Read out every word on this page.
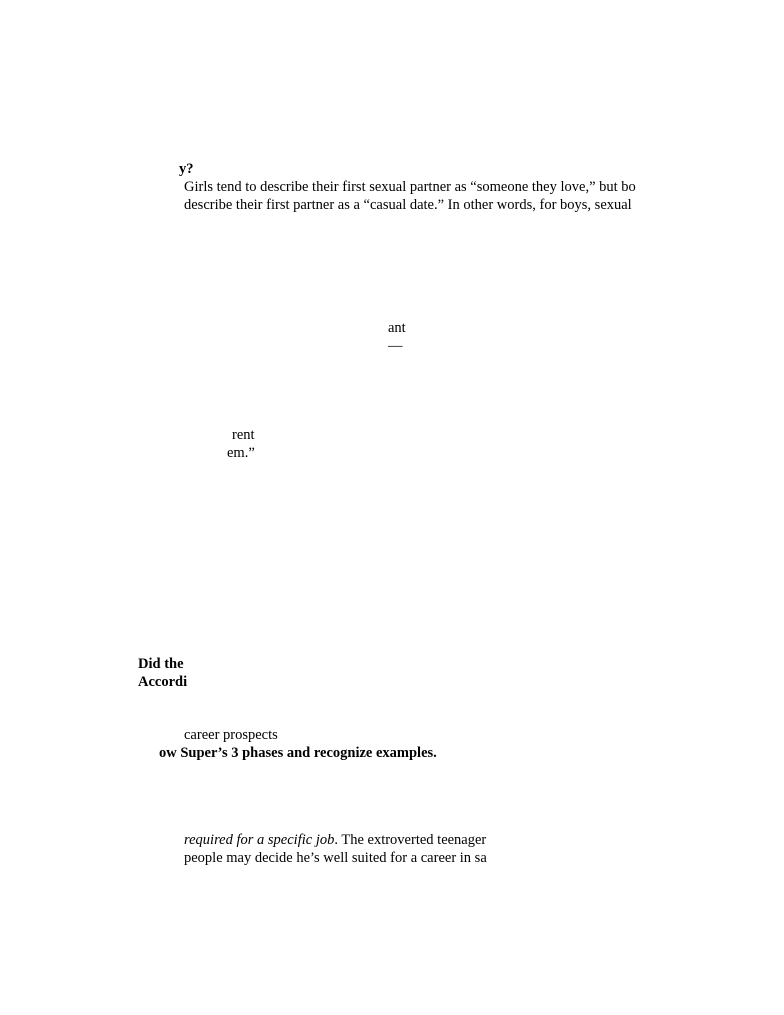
y?
Girls tend to describe their first sexual partner as “someone they love,” but bo
describe their first partner as a “casual date.” In other words, for boys, sexual
ant
—
rent
em.”
Did the
Accordi
career prospects
ow Super’s 3 phases and recognize examples.
required for a specific job. The extroverted teenager
people may decide he’s well suited for a career in sa
